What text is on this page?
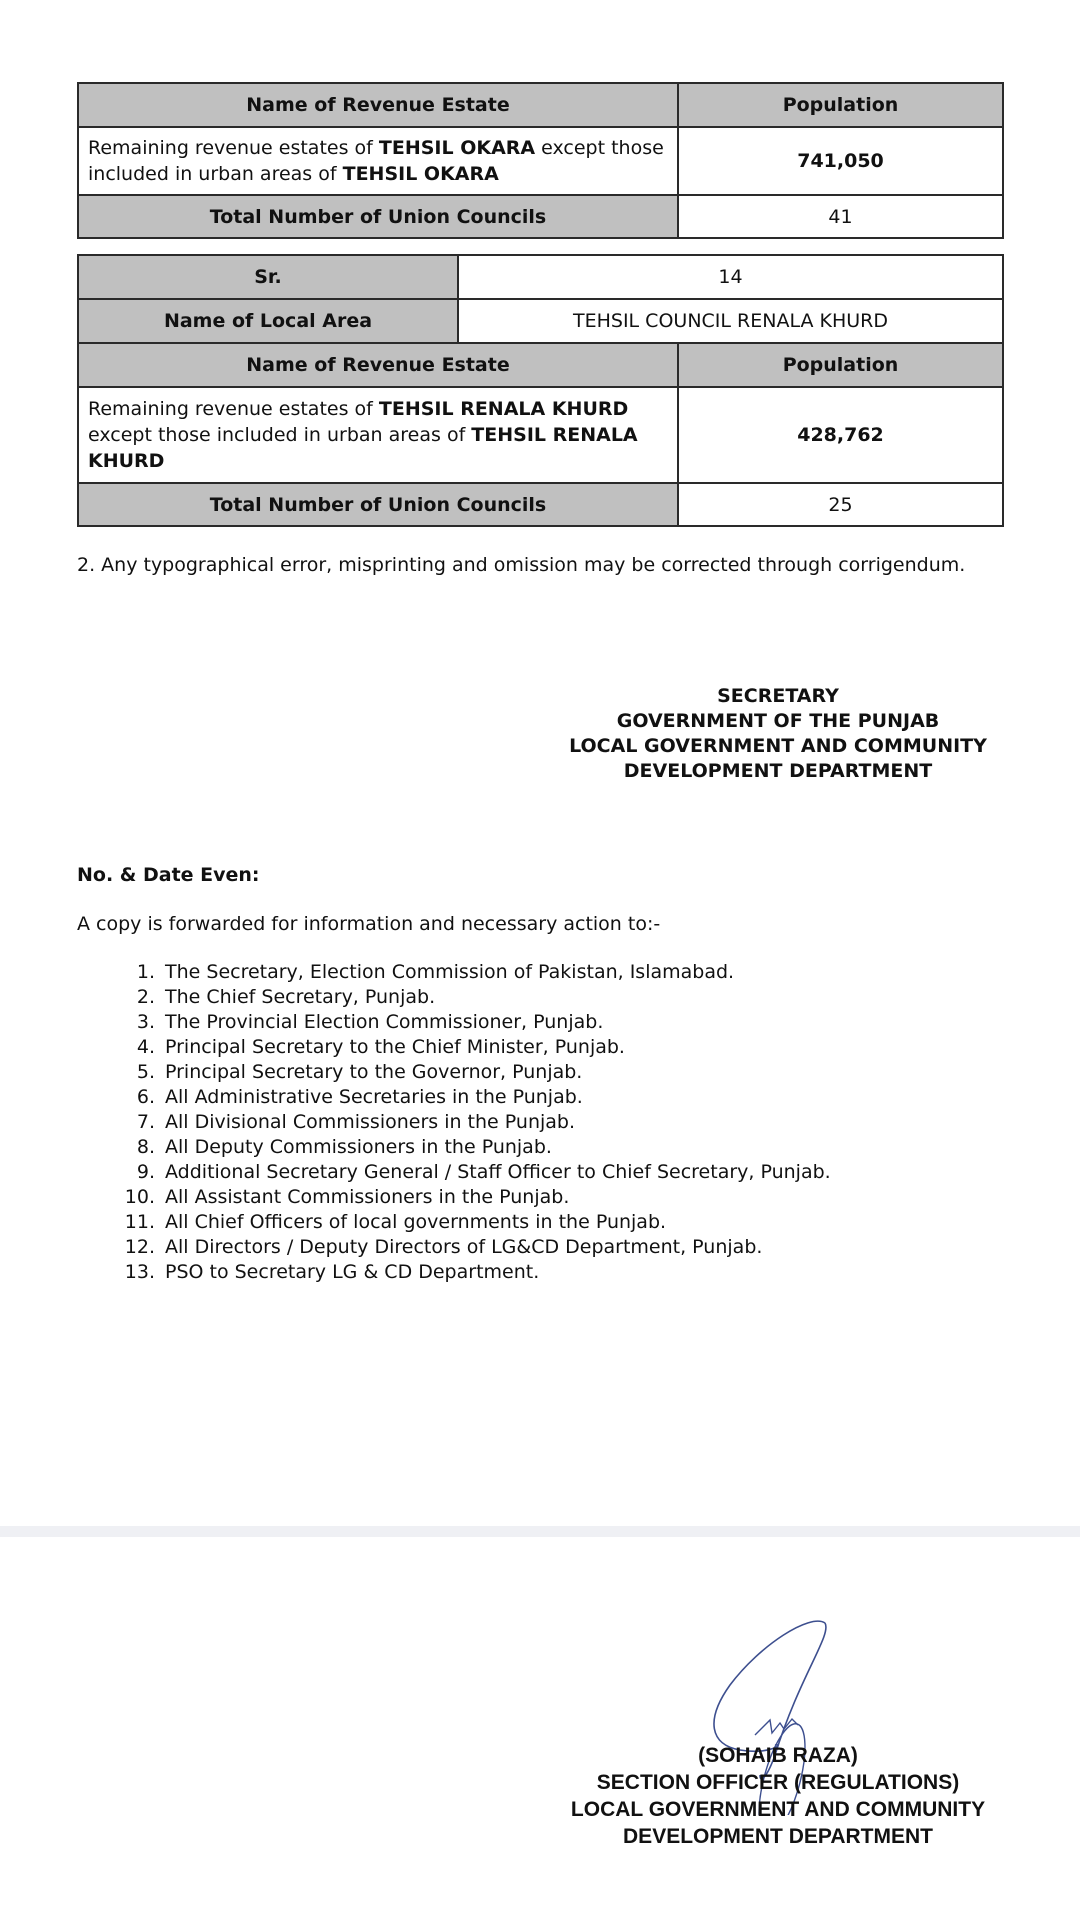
Name of Revenue Estate	Population
Remaining revenue estates of TEHSIL OKARA except those included in urban areas of TEHSIL OKARA	741,050
Total Number of Union Councils	41
Sr.	14
Name of Local Area	TEHSIL COUNCIL RENALA KHURD
Name of Revenue Estate	Population
Remaining revenue estates of TEHSIL RENALA KHURD except those included in urban areas of TEHSIL RENALA KHURD	428,762
Total Number of Union Councils	25
2. Any typographical error, misprinting and omission may be corrected through corrigendum.
SECRETARY
GOVERNMENT OF THE PUNJAB
LOCAL GOVERNMENT AND COMMUNITY
DEVELOPMENT DEPARTMENT
No. & Date Even:
A copy is forwarded for information and necessary action to:-
1. The Secretary, Election Commission of Pakistan, Islamabad.
2. The Chief Secretary, Punjab.
3. The Provincial Election Commissioner, Punjab.
4. Principal Secretary to the Chief Minister, Punjab.
5. Principal Secretary to the Governor, Punjab.
6. All Administrative Secretaries in the Punjab.
7. All Divisional Commissioners in the Punjab.
8. All Deputy Commissioners in the Punjab.
9. Additional Secretary General / Staff Officer to Chief Secretary, Punjab.
10. All Assistant Commissioners in the Punjab.
11. All Chief Officers of local governments in the Punjab.
12. All Directors / Deputy Directors of LG&CD Department, Punjab.
13. PSO to Secretary LG & CD Department.
(SOHAIB RAZA)
SECTION OFFICER (REGULATIONS)
LOCAL GOVERNMENT AND COMMUNITY
DEVELOPMENT DEPARTMENT
